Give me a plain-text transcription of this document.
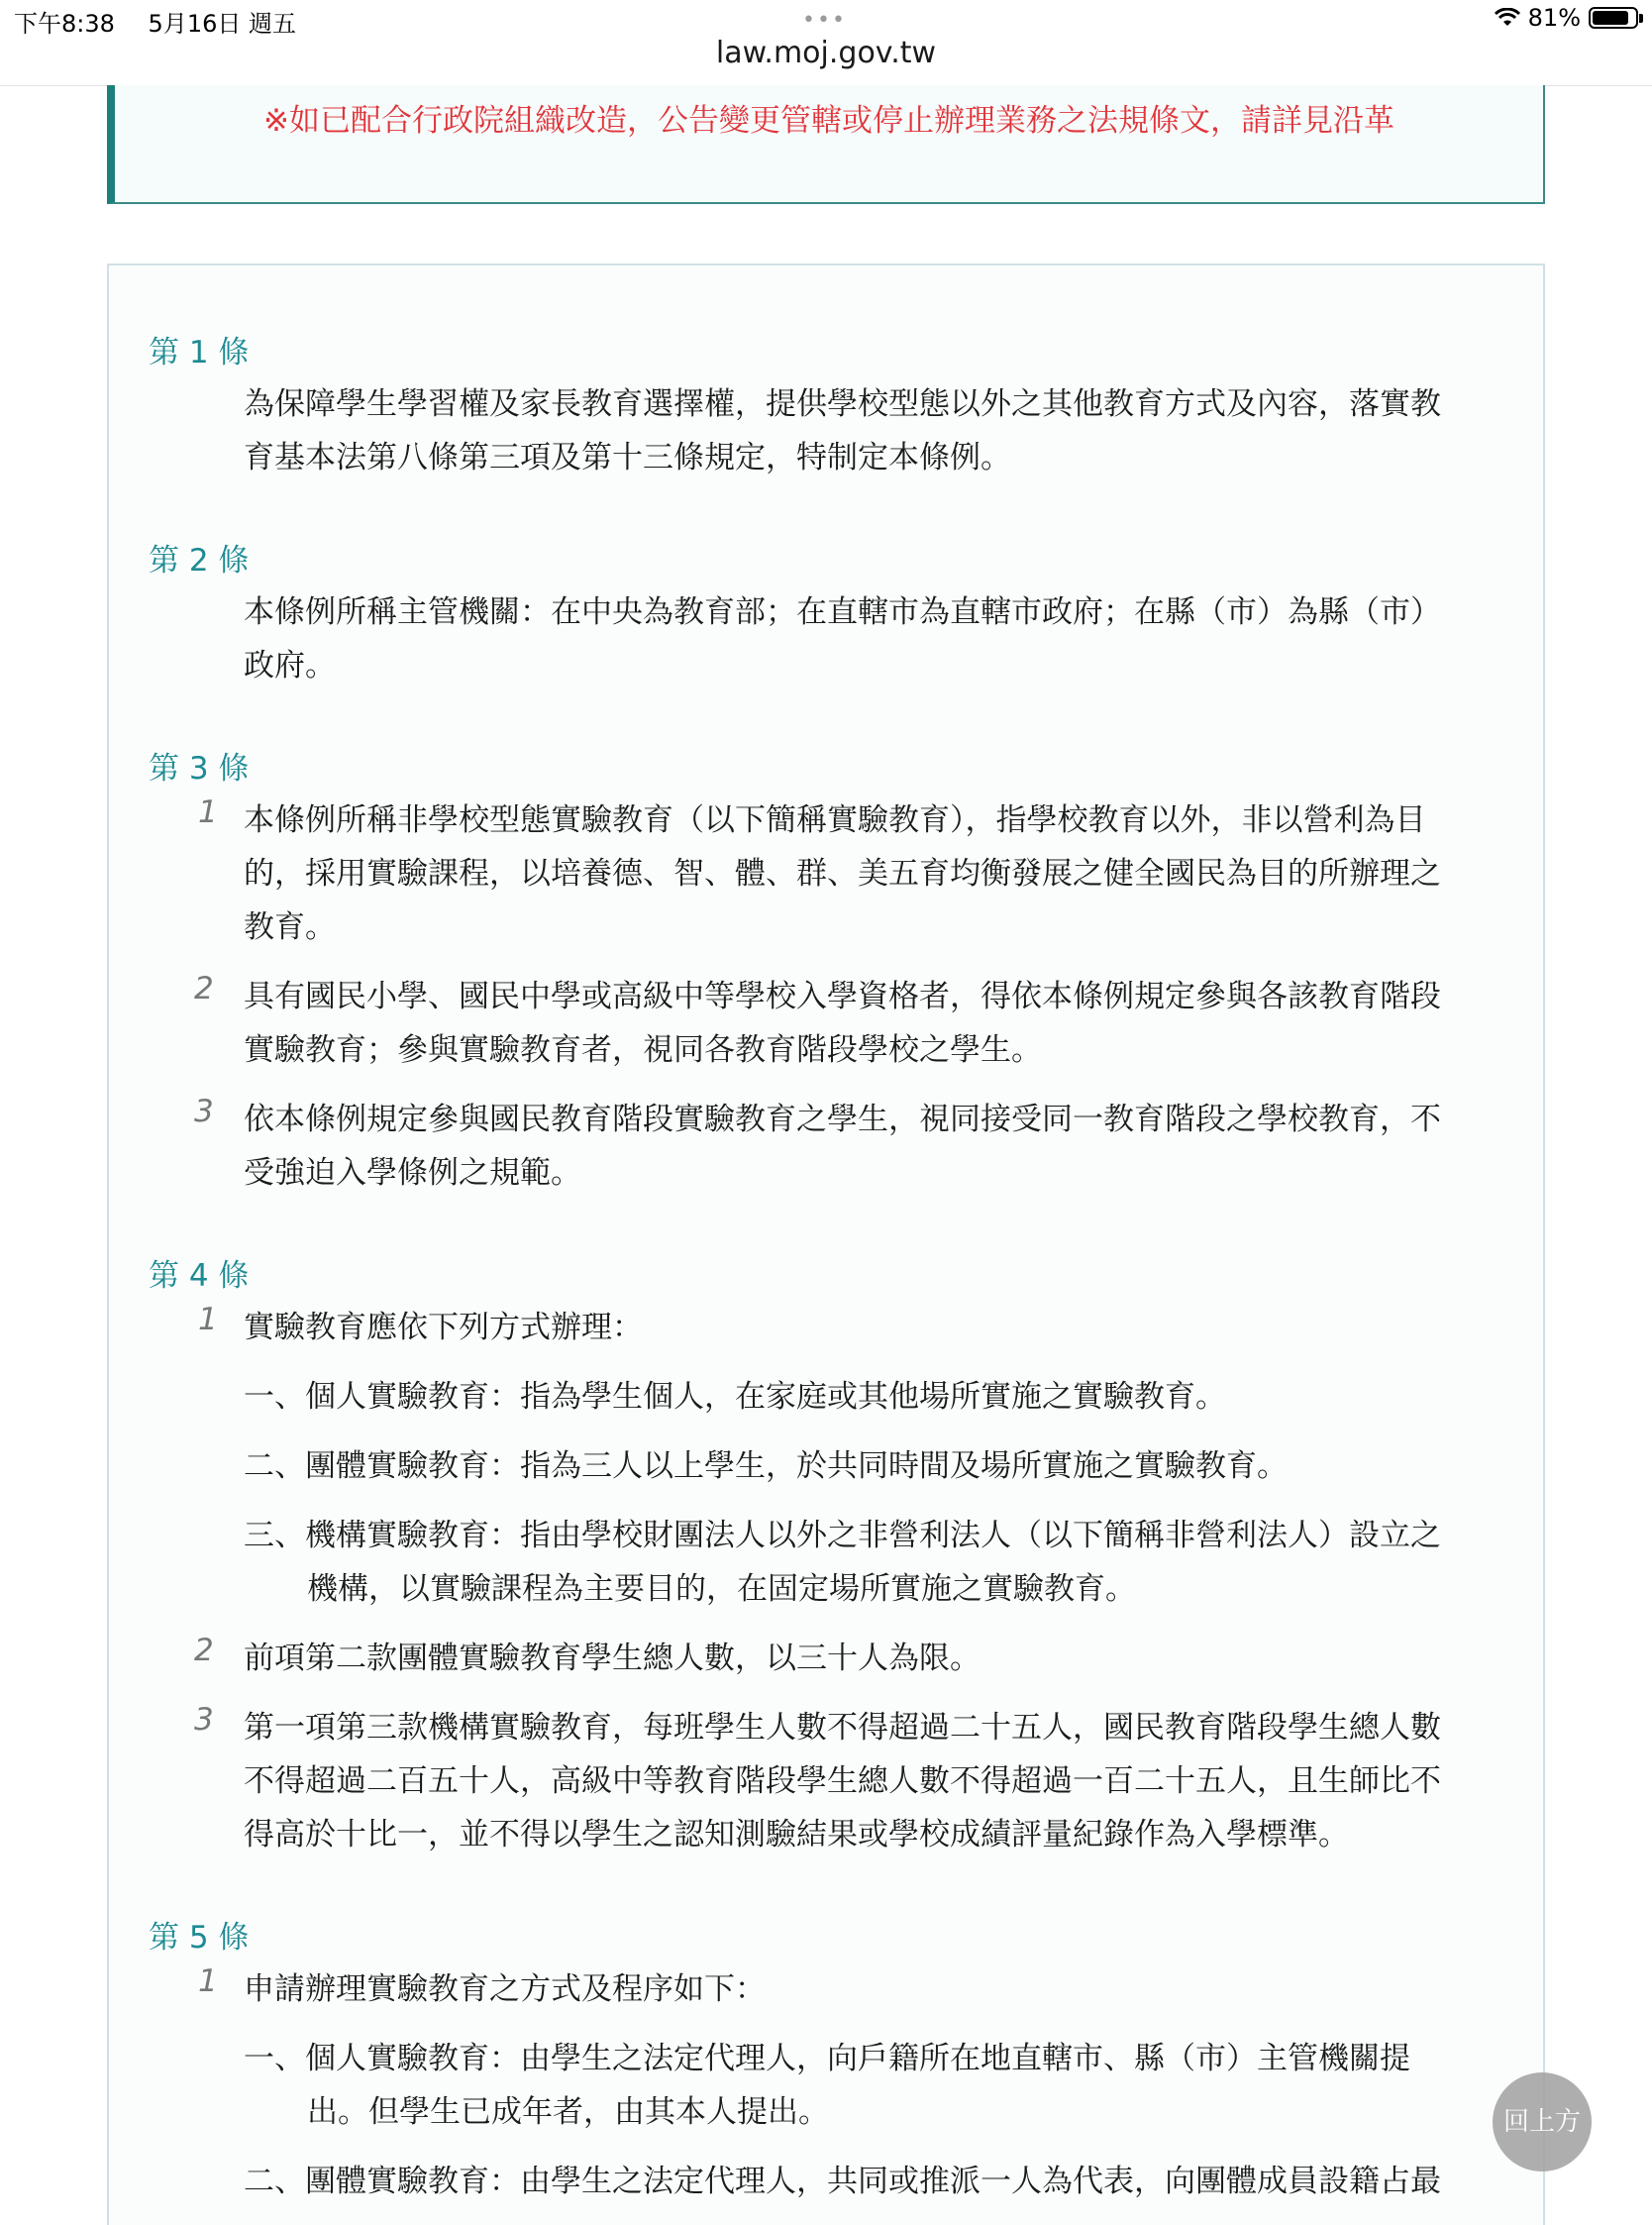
下午8:38 5月16日 週五	•••
law.moj.gov.tw
81%
※如已配合行政院組織改造，公告變更管轄或停止辦理業務之法規條文，請詳見沿革
第 1 條
為保障學生學習權及家長教育選擇權，提供學校型態以外之其他教育方式及內容，落實教
育基本法第八條第三項及第十三條規定，特制定本條例。
第 2 條
本條例所稱主管機關：在中央為教育部；在直轄市為直轄市政府；在縣（市）為縣（市）
政府。
第 3 條
1 本條例所稱非學校型態實驗教育（以下簡稱實驗教育），指學校教育以外，非以營利為目
的，採用實驗課程，以培養德、智、體、群、美五育均衡發展之健全國民為目的所辦理之
教育。
2 具有國民小學、國民中學或高級中等學校入學資格者，得依本條例規定參與各該教育階段
實驗教育；參與實驗教育者，視同各教育階段學校之學生。
3 依本條例規定參與國民教育階段實驗教育之學生，視同接受同一教育階段之學校教育，不
受強迫入學條例之規範。
第 4 條
1 實驗教育應依下列方式辦理：
一、個人實驗教育：指為學生個人，在家庭或其他場所實施之實驗教育。
二、團體實驗教育：指為三人以上學生，於共同時間及場所實施之實驗教育。
三、機構實驗教育：指由學校財團法人以外之非營利法人（以下簡稱非營利法人）設立之
機構，以實驗課程為主要目的，在固定場所實施之實驗教育。
2 前項第二款團體實驗教育學生總人數，以三十人為限。
3 第一項第三款機構實驗教育，每班學生人數不得超過二十五人，國民教育階段學生總人數
不得超過二百五十人，高級中等教育階段學生總人數不得超過一百二十五人，且生師比不
得高於十比一，並不得以學生之認知測驗結果或學校成績評量紀錄作為入學標準。
第 5 條
1 申請辦理實驗教育之方式及程序如下：
一、個人實驗教育：由學生之法定代理人，向戶籍所在地直轄市、縣（市）主管機關提
出。但學生已成年者，由其本人提出。
二、團體實驗教育：由學生之法定代理人，共同或推派一人為代表，向團體成員設籍占最
回上方
